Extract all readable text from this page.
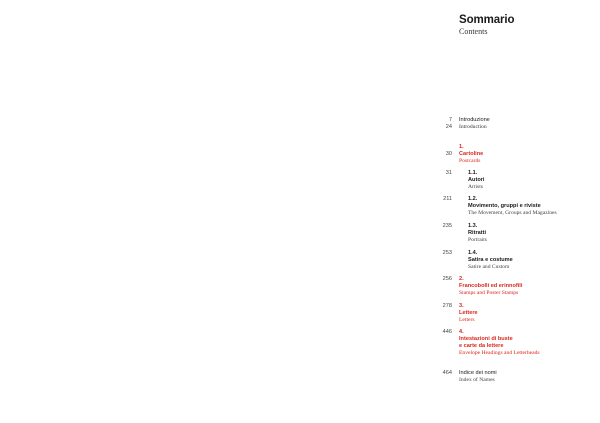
Sommario
Contents
7 Introduzione
24 Introduction
30
1.
Cartoline
Postcards
31	1.1.
Autori
Artists
211	1.2.
Movimento, gruppi e riviste
The Movement, Groups and Magazines
235	1.3.
Ritratti
Portraits
253	1.4.
Satira e costume
Satire and Custom
256 2.
Francobolli ed erinnofili
Stamps and Poster Stamps
278 3.
Lettere
Letters
446 4.
Intestazioni di buste
e carte da lettere
Envelope Headings and Letterheads
464 Indice dei nomi
Index of Names
